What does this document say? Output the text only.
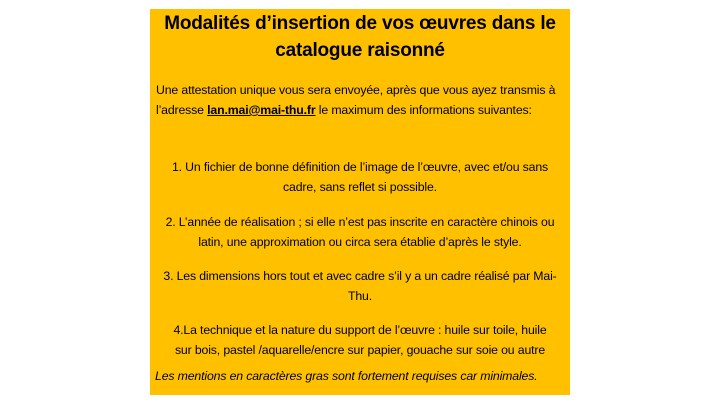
Modalités d’insertion de vos œuvres dans le
catalogue raisonné
Une attestation unique vous sera envoyée, après que vous ayez transmis à
l’adresse lan.mai@mai-thu.fr le maximum des informations suivantes:
1. Un fichier de bonne définition de l’image de l’œuvre, avec et/ou sans
cadre, sans reflet si possible.
2. L’année de réalisation ; si elle n’est pas inscrite en caractère chinois ou
latin, une approximation ou circa sera établie d’après le style.
3. Les dimensions hors tout et avec cadre s’il y a un cadre réalisé par Mai-
Thu.
4.La technique et la nature du support de l’œuvre : huile sur toile, huile
sur bois, pastel /aquarelle/encre sur papier, gouache sur soie ou autre
Les mentions en caractères gras sont fortement requises car minimales.
